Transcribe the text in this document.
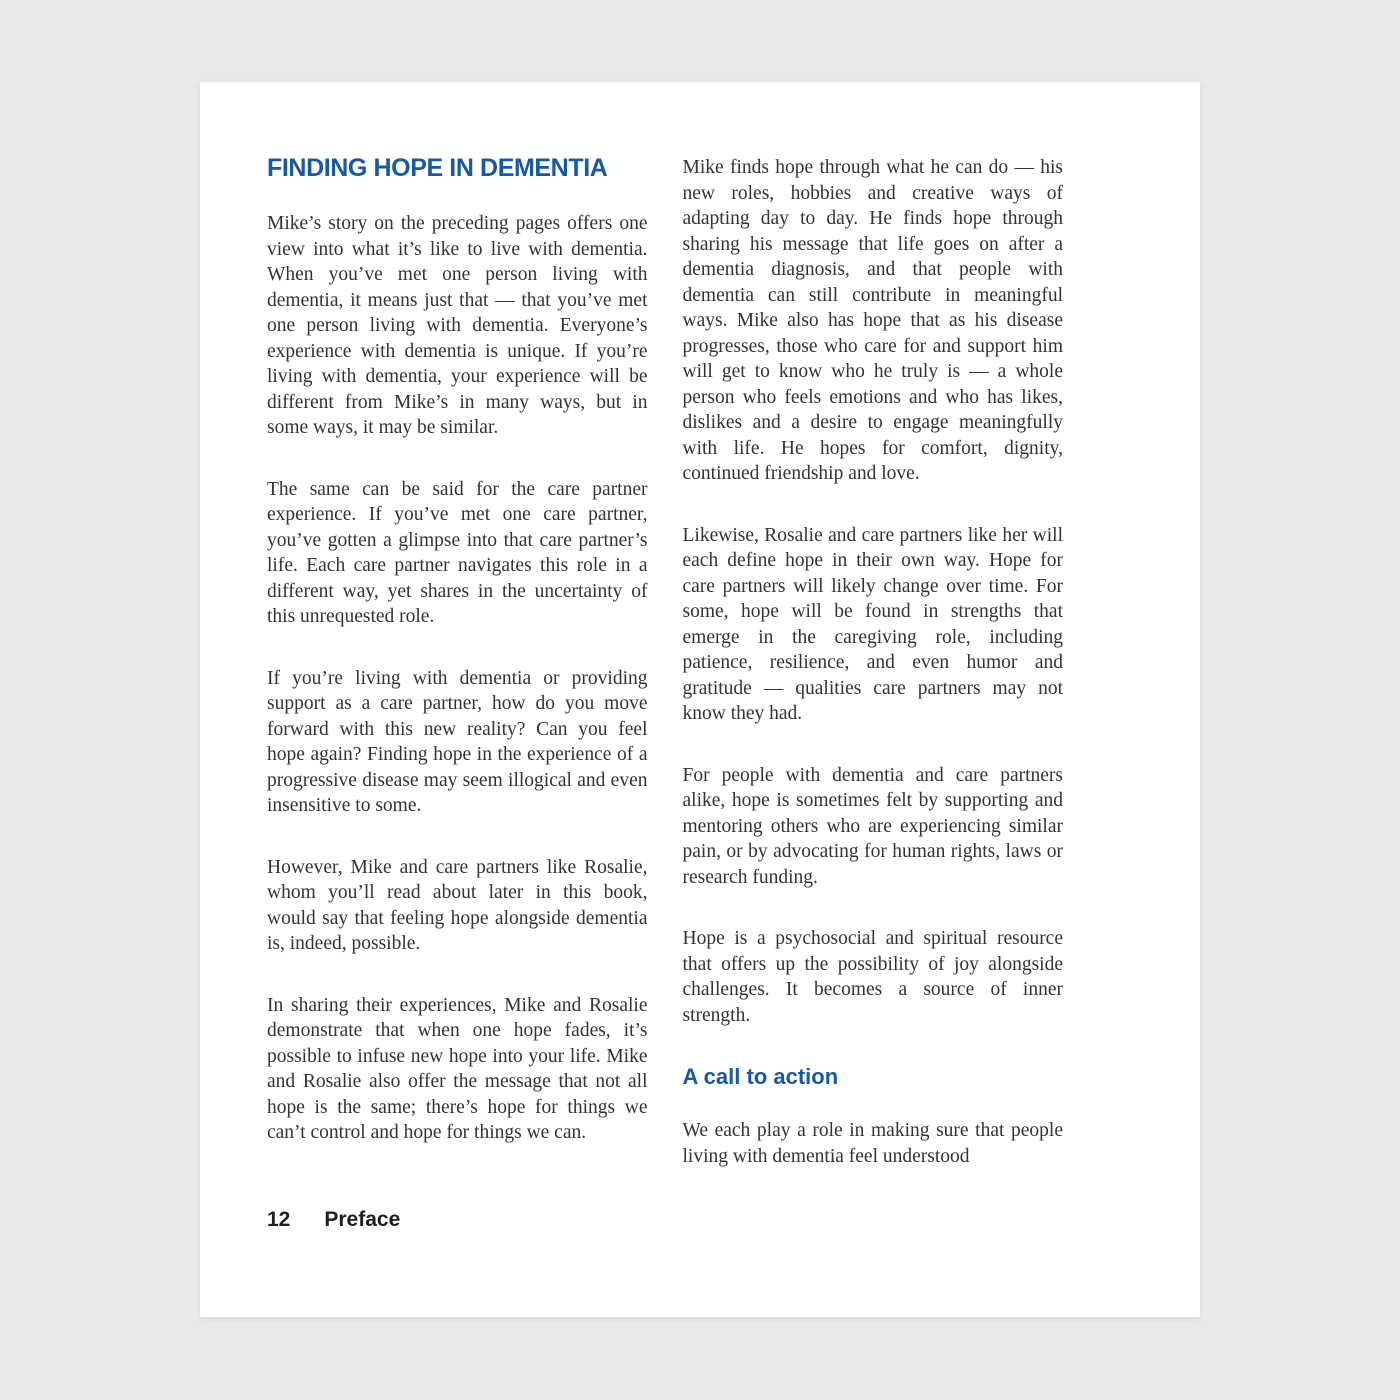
FINDING HOPE IN DEMENTIA

Mike’s story on the preceding pages offers one view into what it’s like to live with dementia. When you’ve met one person living with dementia, it means just that — that you’ve met one person living with dementia. Everyone’s experience with dementia is unique. If you’re living with dementia, your experience will be different from Mike’s in many ways, but in some ways, it may be similar.

The same can be said for the care partner experience. If you’ve met one care partner, you’ve gotten a glimpse into that care partner’s life. Each care partner navigates this role in a different way, yet shares in the uncertainty of this unrequested role.

If you’re living with dementia or providing support as a care partner, how do you move forward with this new reality? Can you feel hope again? Finding hope in the experience of a progressive disease may seem illogical and even insensitive to some.

However, Mike and care partners like Rosalie, whom you’ll read about later in this book, would say that feeling hope alongside dementia is, indeed, possible.

In sharing their experiences, Mike and Rosalie demonstrate that when one hope fades, it’s possible to infuse new hope into your life. Mike and Rosalie also offer the message that not all hope is the same; there’s hope for things we can’t control and hope for things we can.

Mike finds hope through what he can do — his new roles, hobbies and creative ways of adapting day to day. He finds hope through sharing his message that life goes on after a dementia diagnosis, and that people with dementia can still contribute in meaningful ways. Mike also has hope that as his disease progresses, those who care for and support him will get to know who he truly is — a whole person who feels emotions and who has likes, dislikes and a desire to engage meaningfully with life. He hopes for comfort, dignity, continued friendship and love.

Likewise, Rosalie and care partners like her will each define hope in their own way. Hope for care partners will likely change over time. For some, hope will be found in strengths that emerge in the caregiving role, including patience, resilience, and even humor and gratitude — qualities care partners may not know they had.

For people with dementia and care partners alike, hope is sometimes felt by supporting and mentoring others who are experiencing similar pain, or by advocating for human rights, laws or research funding.

Hope is a psychosocial and spiritual resource that offers up the possibility of joy alongside challenges. It becomes a source of inner strength.

A call to action

We each play a role in making sure that people living with dementia feel understood

12 Preface
